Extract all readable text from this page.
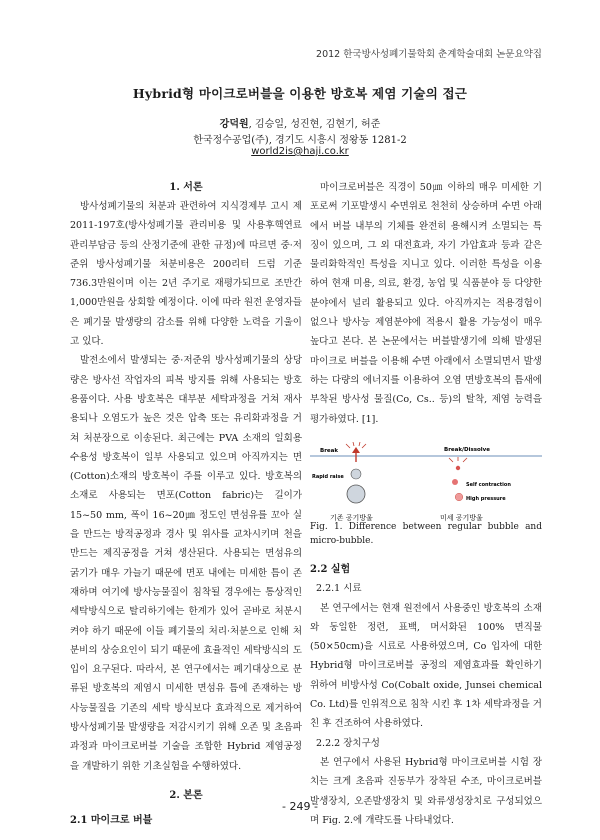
2012 한국방사성폐기물학회 춘계학술대회 논문요약집
Hybrid형 마이크로버블을 이용한 방호복 제염 기술의 접근
강덕원, 김승일, 성진현, 김현기, 허준
한국정수공업(주), 경기도 시흥시 정왕동 1281-2
world2is@haji.co.kr
1. 서론

방사성폐기물의 처분과 관련하여 지식경제부 고시 제2011-197호(방사성폐기물 관리비용 및 사용후핵연료 관리부담금 등의 산정기준에 관한 규정)에 따르면 중·저준위 방사성폐기물 처분비용은 200리터 드럼 기준 736.3만원이며 이는 2년 주기로 재평가되므로 조만간 1,000만원을 상회할 예정이다. 이에 따라 원전 운영자들은 폐기물 발생량의 감소를 위해 다양한 노력을 기울이고 있다.

발전소에서 발생되는 중·저준위 방사성폐기물의 상당량은 방사선 작업자의 피복 방지를 위해 사용되는 방호용품이다. 사용 방호복은 대부분 세탁과정을 거쳐 재사용되나 오염도가 높은 것은 압축 또는 유리화과정을 거쳐 처분장으로 이송된다. 최근에는 PVA 소재의 일회용 수용성 방호복이 일부 사용되고 있으며 아직까지는 면(Cotton)소재의 방호복이 주를 이루고 있다. 방호복의 소재로 사용되는 면포(Cotton fabric)는 길이가 15~50 mm, 폭이 16~20㎛ 정도인 면섬유를 꼬아 실을 만드는 방적공정과 경사 및 위사를 교차시키며 천을 만드는 제직공정을 거쳐 생산된다. 사용되는 면섬유의 굵기가 매우 가늘기 때문에 면포 내에는 미세한 틈이 존재하며 여기에 방사능물질이 침착될 경우에는 통상적인 세탁방식으로 탈리하기에는 한계가 있어 곧바로 처분시켜야 하기 때문에 이들 폐기물의 처리·처분으로 인해 처분비의 상승요인이 되기 때문에 효율적인 세탁방식의 도입이 요구된다. 따라서, 본 연구에서는 폐기대상으로 분류된 방호복의 제염시 미세한 면섬유 틈에 존재하는 방사능물질을 기존의 세탁 방식보다 효과적으로 제거하여 방사성폐기물 발생량을 저감시키기 위해 오존 및 초음파과정과 마이크로버블 기술을 조합한 Hybrid 제염공정을 개발하기 위한 기초실험을 수행하였다.

2. 본론
2.1 마이크로 버블

마이크로버블은 직경이 50㎛ 이하의 매우 미세한 기포로써 기포발생시 수면위로 천천히 상승하며 수면 아래에서 버블 내부의 기체를 완전히 용해시켜 소멸되는 특징이 있으며, 그 외 대전효과, 자기 가압효과 등과 같은 물리화학적인 특성을 지니고 있다. 이러한 특성을 이용하여 현재 미용, 의료, 환경, 농업 및 식품분야 등 다양한 분야에서 널리 활용되고 있다. 아직까지는 적용경험이 없으나 방사능 제염분야에 적용시 활용 가능성이 매우 높다고 본다. 본 논문에서는 버블발생기에 의해 발생된 마이크로 버블을 이용해 수면 아래에서 소멸되면서 발생하는 다량의 에너지를 이용하여 오염 면방호복의 틈새에 부착된 방사성 물질(Co, Cs.. 등)의 탈착, 제염 능력을 평가하였다. [1].

Break
Rapid raise
기존 공기방울
Break/Dissolve
Self contraction
High pressure
미세 공기방울
Fig. 1. Difference between regular bubble and micro-bubble.
2.2 실험
2.2.1 시료

본 연구에서는 현재 원전에서 사용중인 방호복의 소재와 동일한 정련, 표백, 머서화된 100% 면직물(50×50cm)을 시료로 사용하였으며, Co 입자에 대한 Hybrid형 마이크로버블 공정의 제염효과를 확인하기 위하여 비방사성 Co(Cobalt oxide, Junsei chemical Co. Ltd)를 인위적으로 침착 시킨 후 1차 세탁과정을 거친 후 건조하여 사용하였다.

2.2.2 장치구성

본 연구에서 사용된 Hybrid형 마이크로버블 시험 장치는 크게 초음파 진동부가 장착된 수조, 마이크로버블 발생장치, 오존발생장치 및 와류생성장치로 구성되었으며 Fig. 2.에 개략도를 나타내었다.

- 249 -
